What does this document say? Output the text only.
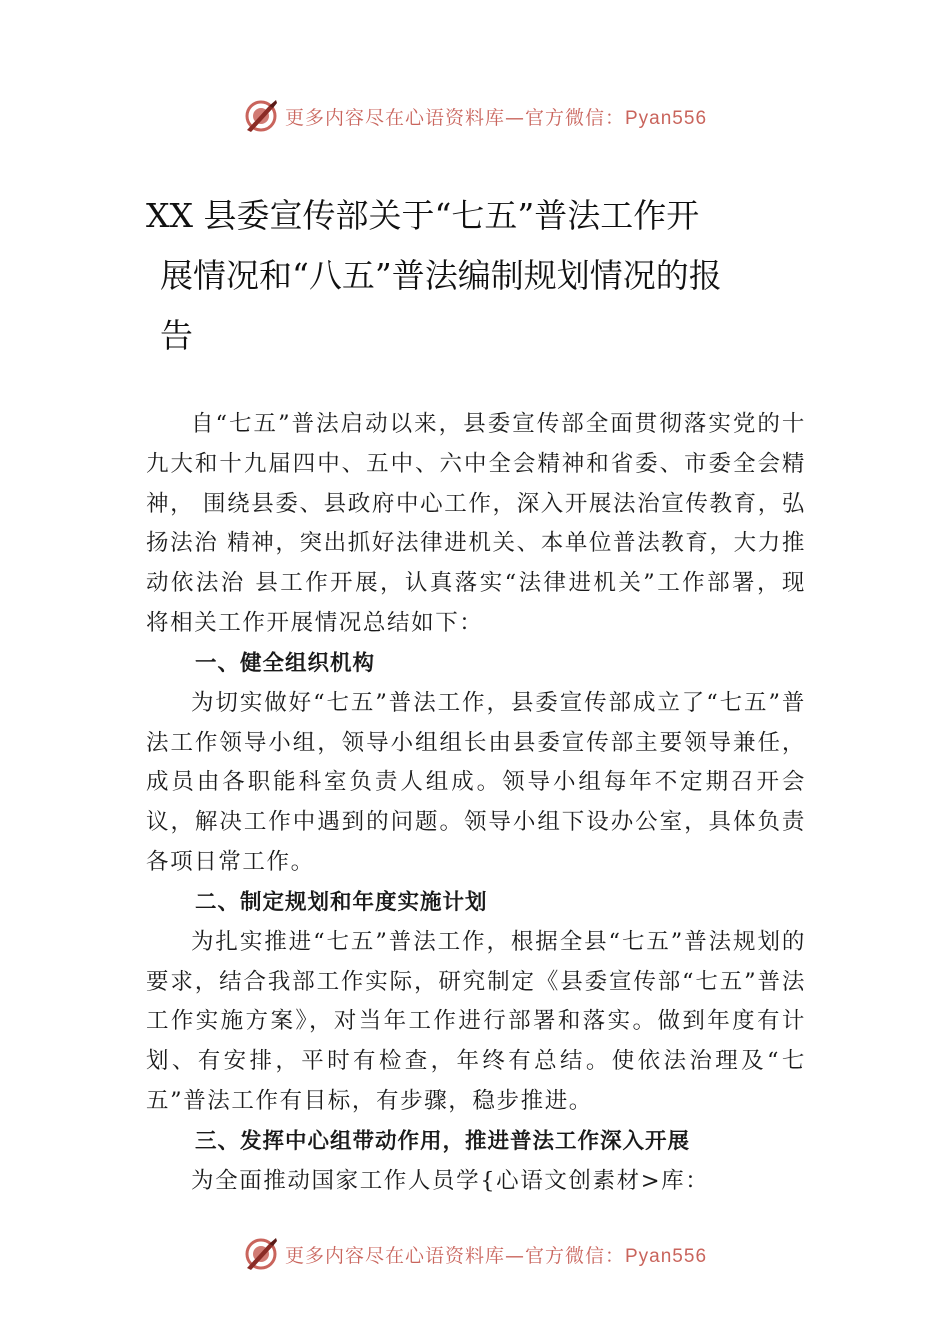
更多内容尽在心语资料库—官方微信：Pyan556
XX 县委宣传部关于“七五”普法工作开
展情况和“八五”普法编制规划情况的报
告

自“七五”普法启动以来，县委宣传部全面贯彻落实党的十九大和十九届四中、五中、六中全会精神和省委、市委全会精神， 围绕县委、县政府中心工作，深入开展法治宣传教育，弘扬法治 精神，突出抓好法律进机关、本单位普法教育，大力推动依法治 县工作开展，认真落实“法律进机关”工作部署，现将相关工作开展情况总结如下：

一、健全组织机构

为切实做好“七五”普法工作，县委宣传部成立了“七五”普法工作领导小组，领导小组组长由县委宣传部主要领导兼任，成员由各职能科室负责人组成。领导小组每年不定期召开会议，解决工作中遇到的问题。领导小组下设办公室，具体负责各项日常工作。

二、制定规划和年度实施计划

为扎实推进“七五”普法工作，根据全县“七五”普法规划的要求，结合我部工作实际，研究制定《县委宣传部“七五”普法工作实施方案》，对当年工作进行部署和落实。做到年度有计划、有安排，平时有检查，年终有总结。使依法治理及“七五”普法工作有目标，有步骤，稳步推进。

三、发挥中心组带动作用，推进普法工作深入开展

为全面推动国家工作人员学{心语文创素材>库：

更多内容尽在心语资料库—官方微信：Pyan556
